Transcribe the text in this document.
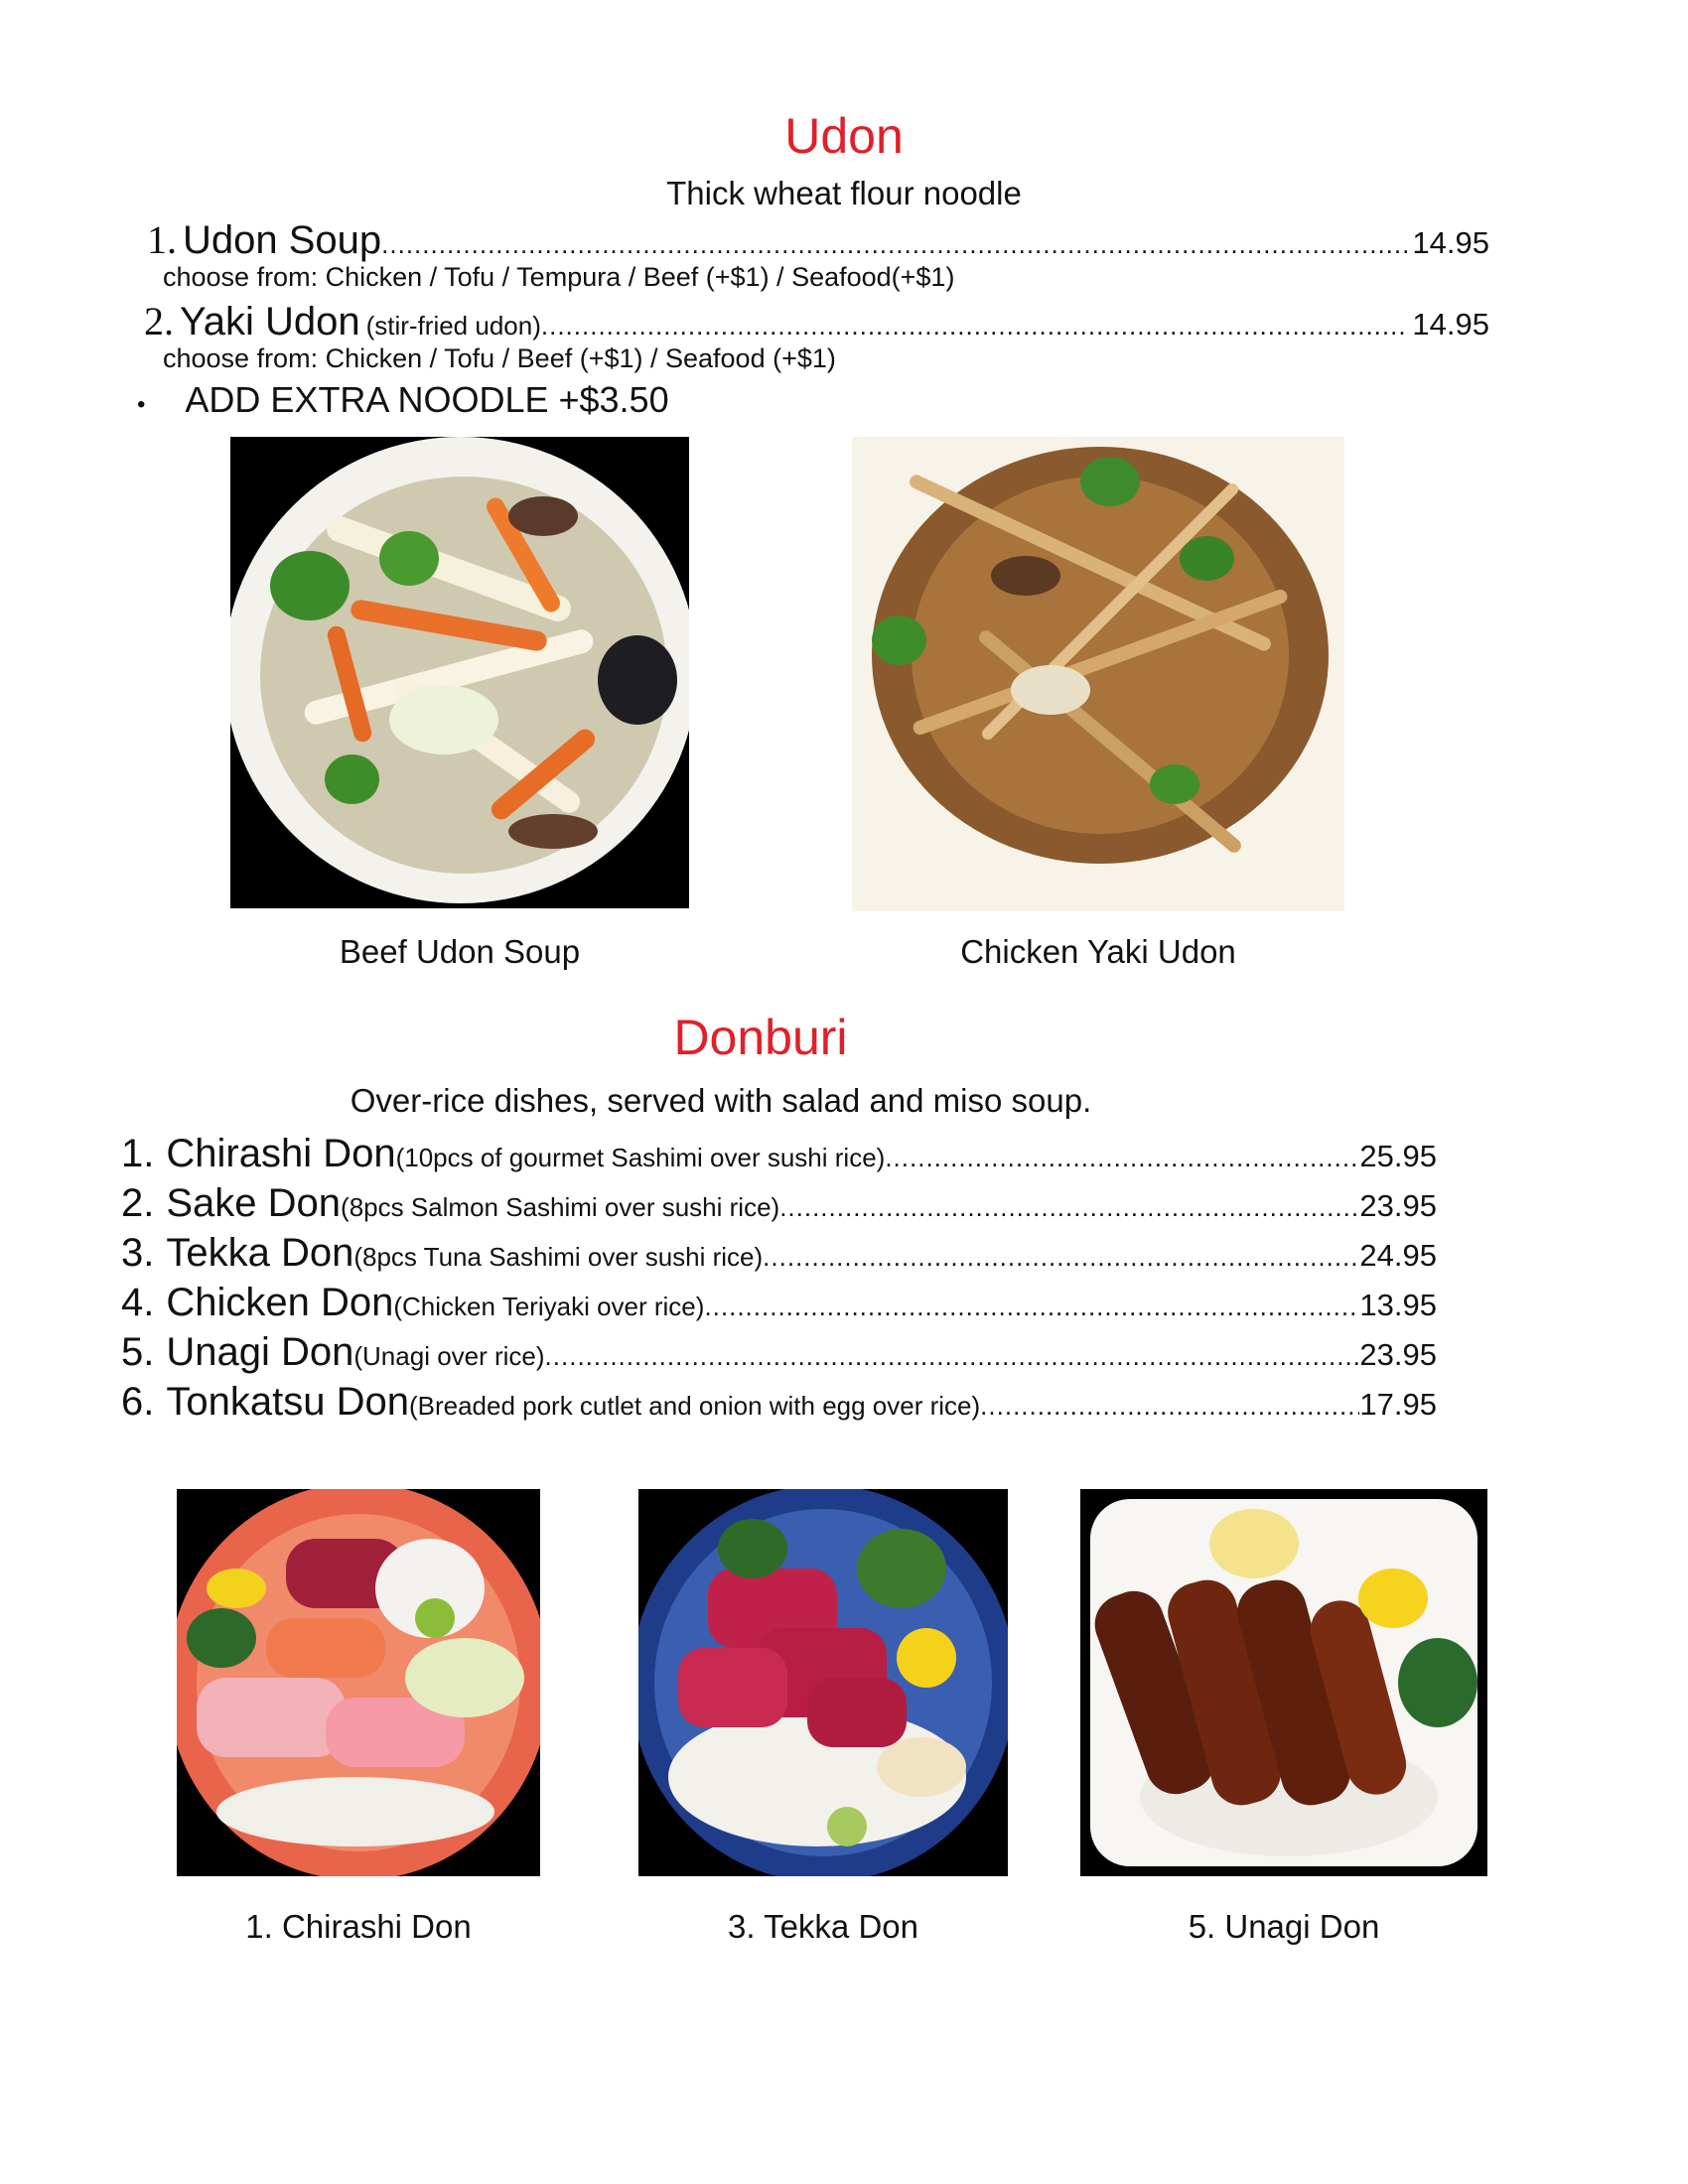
Udon
Thick wheat flour noodle
1. Udon Soup .....	14.95
choose from: Chicken / Tofu / Tempura / Beef (+$1) / Seafood(+$1)
2. Yaki Udon (stir-fried udon) .....	14.95
choose from: Chicken / Tofu / Beef (+$1) / Seafood (+$1)
• ADD EXTRA NOODLE +$3.50
Beef Udon Soup	Chicken Yaki Udon
Donburi
Over-rice dishes, served with salad and miso soup.
1. Chirashi Don (10pcs of gourmet Sashimi over sushi rice) .....	25.95
2. Sake Don (8pcs Salmon Sashimi over sushi rice) .....	23.95
3. Tekka Don (8pcs Tuna Sashimi over sushi rice) .....	24.95
4. Chicken Don (Chicken Teriyaki over rice) .....	13.95
5. Unagi Don (Unagi over rice) .....	23.95
6. Tonkatsu Don (Breaded pork cutlet and onion with egg over rice) .....	17.95
1. Chirashi Don	3. Tekka Don	5. Unagi Don
